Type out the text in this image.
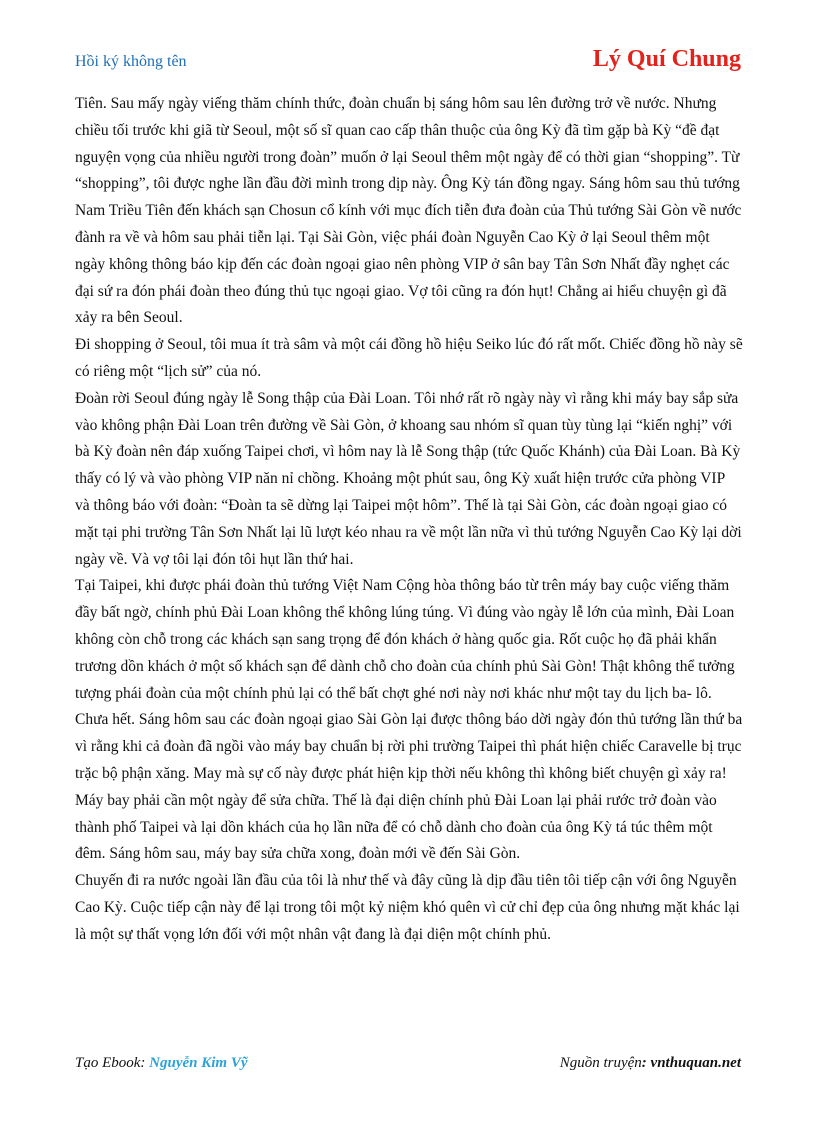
Hồi ký không tên	Lý Quí Chung

Tiên. Sau mấy ngày viếng thăm chính thức, đoàn chuẩn bị sáng hôm sau lên đường trở về nước. Nhưng chiều tối trước khi giã từ Seoul, một số sĩ quan cao cấp thân thuộc của ông Kỳ đã tìm gặp bà Kỳ “đề đạt nguyện vọng của nhiều người trong đoàn” muốn ở lại Seoul thêm một ngày để có thời gian “shopping”. Từ “shopping”, tôi được nghe lần đầu đời mình trong dịp này. Ông Kỳ tán đồng ngay. Sáng hôm sau thủ tướng Nam Triều Tiên đến khách sạn Chosun cổ kính với mục đích tiễn đưa đoàn của Thủ tướng Sài Gòn về nước đành ra về và hôm sau phải tiễn lại. Tại Sài Gòn, việc phái đoàn Nguyễn Cao Kỳ ở lại Seoul thêm một ngày không thông báo kịp đến các đoàn ngoại giao nên phòng VIP ở sân bay Tân Sơn Nhất đầy nghẹt các đại sứ ra đón phái đoàn theo đúng thủ tục ngoại giao. Vợ tôi cũng ra đón hụt! Chẳng ai hiểu chuyện gì đã xảy ra bên Seoul.

Đi shopping ở Seoul, tôi mua ít trà sâm và một cái đồng hồ hiệu Seiko lúc đó rất mốt. Chiếc đồng hồ này sẽ có riêng một “lịch sử” của nó.

Đoàn rời Seoul đúng ngày lễ Song thập của Đài Loan. Tôi nhớ rất rõ ngày này vì rằng khi máy bay sắp sửa vào không phận Đài Loan trên đường về Sài Gòn, ở khoang sau nhóm sĩ quan tùy tùng lại “kiến nghị” với bà Kỳ đoàn nên đáp xuống Taipei chơi, vì hôm nay là lễ Song thập (tức Quốc Khánh) của Đài Loan. Bà Kỳ thấy có lý và vào phòng VIP năn nỉ chồng. Khoảng một phút sau, ông Kỳ xuất hiện trước cửa phòng VIP và thông báo với đoàn: “Đoàn ta sẽ dừng lại Taipei một hôm”. Thế là tại Sài Gòn, các đoàn ngoại giao có mặt tại phi trường Tân Sơn Nhất lại lũ lượt kéo nhau ra về một lần nữa vì thủ tướng Nguyễn Cao Kỳ lại dời ngày về. Và vợ tôi lại đón tôi hụt lần thứ hai.

Tại Taipei, khi được phái đoàn thủ tướng Việt Nam Cộng hòa thông báo từ trên máy bay cuộc viếng thăm đầy bất ngờ, chính phủ Đài Loan không thể không lúng túng. Vì đúng vào ngày lễ lớn của mình, Đài Loan không còn chỗ trong các khách sạn sang trọng để đón khách ở hàng quốc gia. Rốt cuộc họ đã phải khẩn trương dồn khách ở một số khách sạn để dành chỗ cho đoàn của chính phủ Sài Gòn! Thật không thể tưởng tượng phái đoàn của một chính phủ lại có thể bất chợt ghé nơi này nơi khác như một tay du lịch ba- lô.

Chưa hết. Sáng hôm sau các đoàn ngoại giao Sài Gòn lại được thông báo dời ngày đón thủ tướng lần thứ ba vì rằng khi cả đoàn đã ngồi vào máy bay chuẩn bị rời phi trường Taipei thì phát hiện chiếc Caravelle bị trục trặc bộ phận xăng. May mà sự cố này được phát hiện kịp thời nếu không thì không biết chuyện gì xảy ra!

Máy bay phải cần một ngày để sửa chữa. Thế là đại diện chính phủ Đài Loan lại phải rước trở đoàn vào thành phố Taipei và lại dồn khách của họ lần nữa để có chỗ dành cho đoàn của ông Kỳ tá túc thêm một đêm. Sáng hôm sau, máy bay sửa chữa xong, đoàn mới về đến Sài Gòn.

Chuyến đi ra nước ngoài lần đầu của tôi là như thế và đây cũng là dịp đầu tiên tôi tiếp cận với ông Nguyễn Cao Kỳ. Cuộc tiếp cận này để lại trong tôi một kỷ niệm khó quên vì cử chỉ đẹp của ông nhưng mặt khác lại là một sự thất vọng lớn đối với một nhân vật đang là đại diện một chính phủ.

Tạo Ebook: Nguyễn Kim Vỹ	Nguồn truyện: vnthuquan.net
